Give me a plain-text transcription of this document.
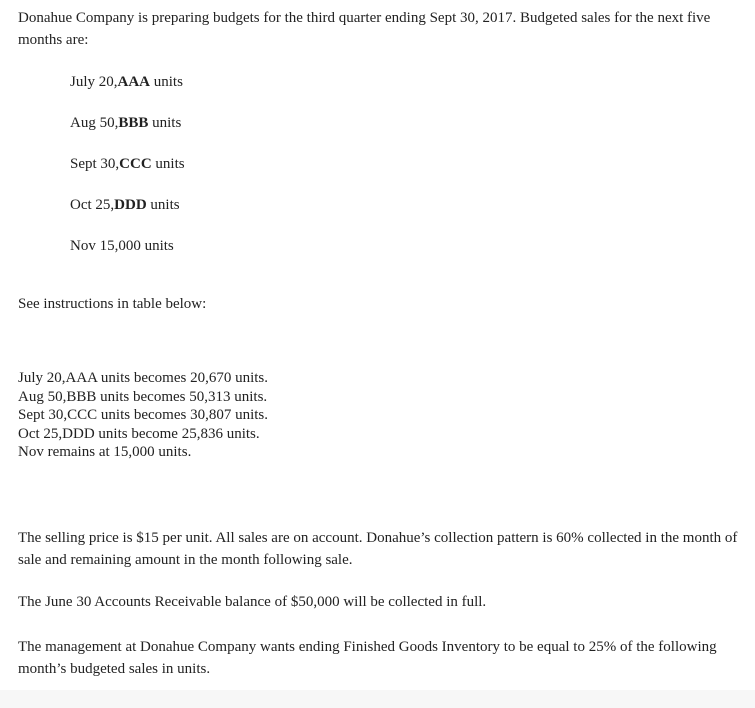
Donahue Company is preparing budgets for the third quarter ending Sept 30, 2017. Budgeted sales for the next five months are:

July 20,AAA units

Aug 50,BBB units

Sept 30,CCC units

Oct 25,DDD units

Nov 15,000 units

See instructions in table below:

July 20,AAA units becomes 20,670 units.
Aug 50,BBB units becomes 50,313 units.
Sept 30,CCC units becomes 30,807 units.
Oct 25,DDD units become 25,836 units.
Nov remains at 15,000 units.

The selling price is $15 per unit. All sales are on account. Donahue’s collection pattern is 60% collected in the month of sale and remaining amount in the month following sale.

The June 30 Accounts Receivable balance of $50,000 will be collected in full.

The management at Donahue Company wants ending Finished Goods Inventory to be equal to 25% of the following month’s budgeted sales in units.
